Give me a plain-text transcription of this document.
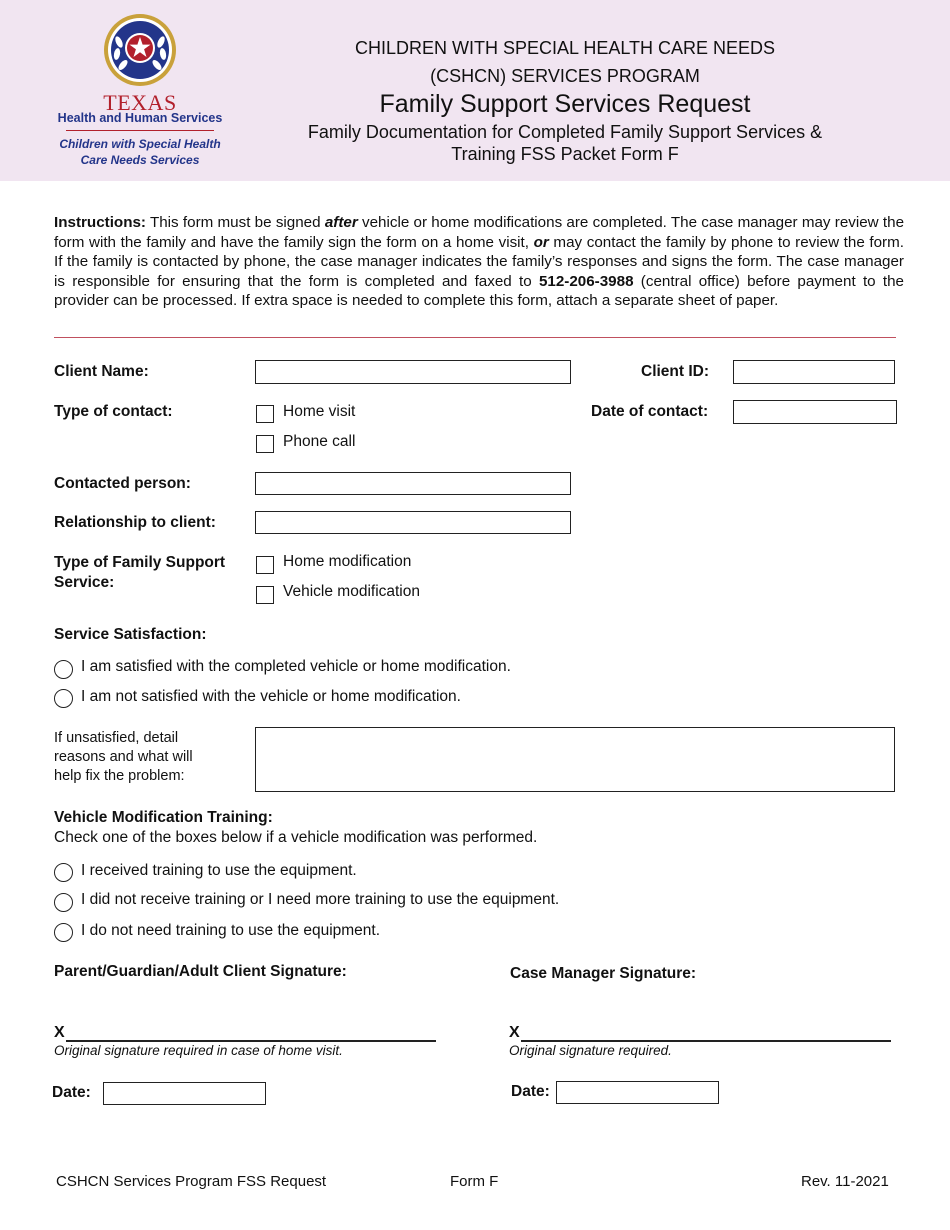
TEXAS
Health and Human Services
Children with Special Health
Care Needs Services
CHILDREN WITH SPECIAL HEALTH CARE NEEDS
(CSHCN) SERVICES PROGRAM
Family Support Services Request
Family Documentation for Completed Family Support Services &
Training FSS Packet Form F
Instructions: This form must be signed after vehicle or home modifications are completed. The case manager may review the form with the family and have the family sign the form on a home visit, or may contact the family by phone to review the form. If the family is contacted by phone, the case manager indicates the family’s responses and signs the form. The case manager is responsible for ensuring that the form is completed and faxed to 512-206-3988 (central office) before payment to the provider can be processed. If extra space is needed to complete this form, attach a separate sheet of paper.
Client Name:	Client ID:
Type of contact:	Home visit
Phone call
Date of contact:
Contacted person:
Relationship to client:
Type of Family Support
Service:
Home modification
Vehicle modification
Service Satisfaction:
I am satisfied with the completed vehicle or home modification.
I am not satisfied with the vehicle or home modification.
If unsatisfied, detail
reasons and what will
help fix the problem:
Vehicle Modification Training:
Check one of the boxes below if a vehicle modification was performed.
I received training to use the equipment.
I did not receive training or I need more training to use the equipment.
I do not need training to use the equipment.
Parent/Guardian/Adult Client Signature:	Case Manager Signature:
X
Original signature required in case of home visit.
X
Original signature required.
Date:	Date:
CSHCN Services Program FSS Request	Form F	Rev. 11-2021
